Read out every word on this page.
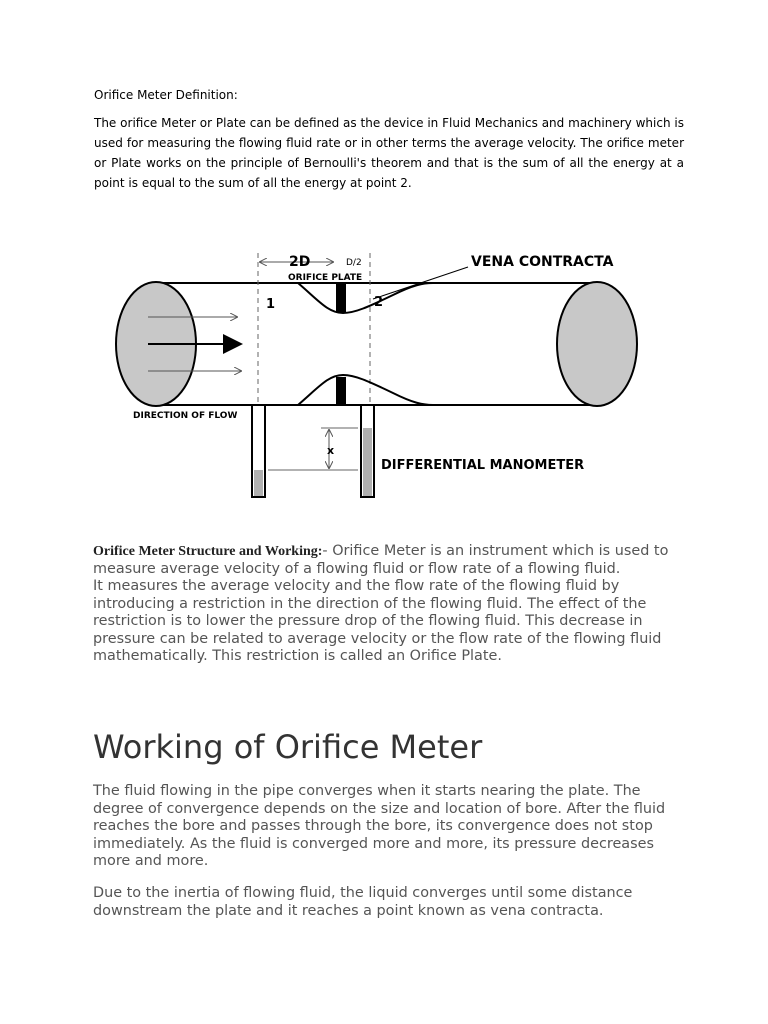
Orifice Meter Definition:
The orifice Meter or Plate can be defined as the device in Fluid Mechanics and machinery which is used for measuring the flowing fluid rate or in other terms the average velocity. The orifice meter or Plate works on the principle of Bernoulli's theorem and that is the sum of all the energy at a point is equal to the sum of all the energy at point 2.
2D	D/2
ORIFICE PLATE
VENA CONTRACTA
1	2
DIRECTION OF FLOW
x
DIFFERENTIAL MANOMETER
Orifice Meter Structure and Working:- Orifice Meter is an instrument which is used to measure average velocity of a flowing fluid or flow rate of a flowing fluid.
It measures the average velocity and the flow rate of the flowing fluid by introducing a restriction in the direction of the flowing fluid. The effect of the restriction is to lower the pressure drop of the flowing fluid. This decrease in pressure can be related to average velocity or the flow rate of the flowing fluid mathematically. This restriction is called an Orifice Plate.
Working of Orifice Meter
The fluid flowing in the pipe converges when it starts nearing the plate. The degree of convergence depends on the size and location of bore. After the fluid reaches the bore and passes through the bore, its convergence does not stop immediately. As the fluid is converged more and more, its pressure decreases more and more.
Due to the inertia of flowing fluid, the liquid converges until some distance downstream the plate and it reaches a point known as vena contracta.
